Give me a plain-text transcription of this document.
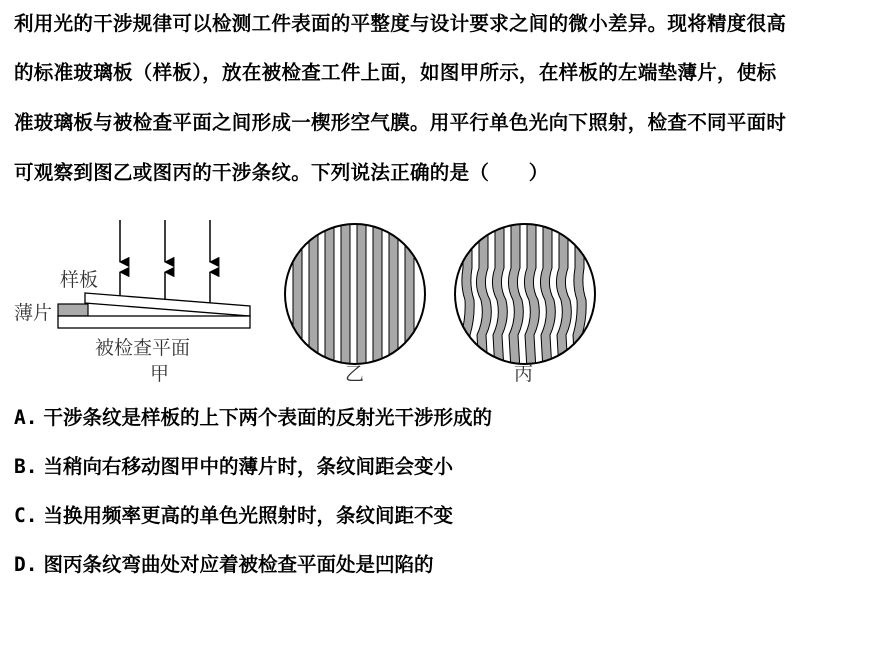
利用光的干涉规律可以检测工件表面的平整度与设计要求之间的微小差异。现将精度很高
的标准玻璃板（样板），放在被检查工件上面，如图甲所示，在样板的左端垫薄片，使标
准玻璃板与被检查平面之间形成一楔形空气膜。用平行单色光向下照射，检查不同平面时
可观察到图乙或图丙的干涉条纹。下列说法正确的是（　　）
样板
薄片
被检查平面
甲	乙	丙
A. 干涉条纹是样板的上下两个表面的反射光干涉形成的
B. 当稍向右移动图甲中的薄片时，条纹间距会变小
C. 当换用频率更高的单色光照射时，条纹间距不变
D. 图丙条纹弯曲处对应着被检查平面处是凹陷的
